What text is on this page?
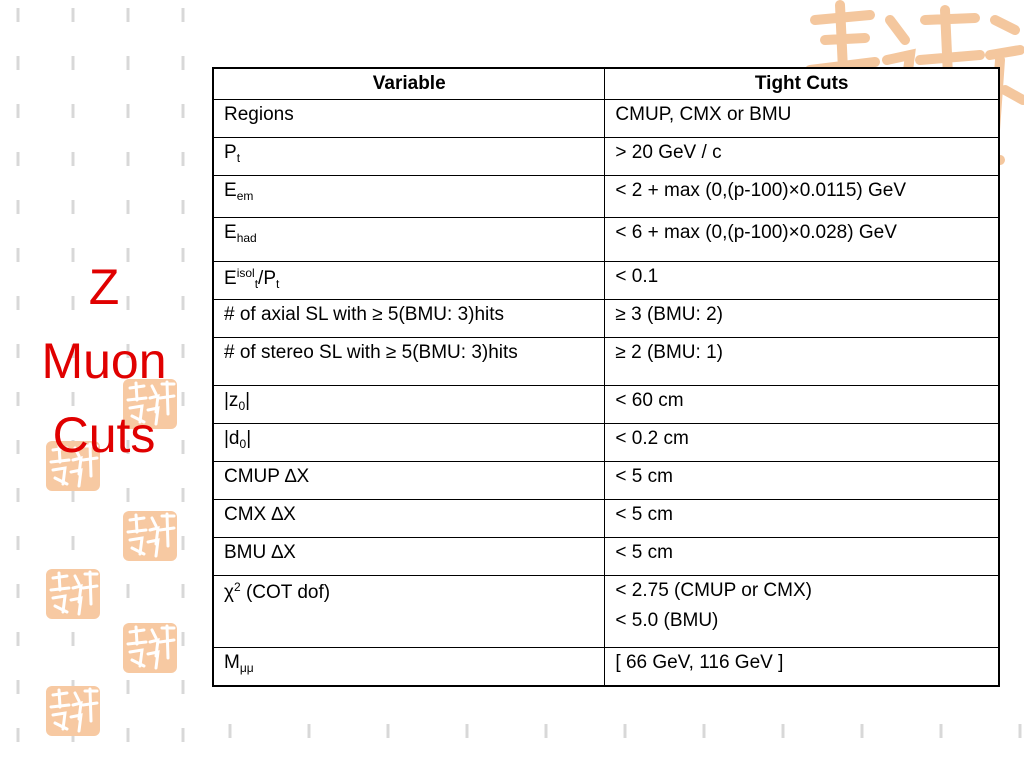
Z
Muon
Cuts
Variable	Tight Cuts
Regions	CMUP, CMX or BMU

$P_t$	> 20 GeV / c

$E_{em}$	< 2 + max (0,(p-100)×0.0115) GeV

$E_{had}$	< 6 + max (0,(p-100)×0.028) GeV

$E^{isol}_t/P_t$	< 0.1

# of axial SL with ≥ 5(BMU: 3)hits	≥ 3 (BMU: 2)

# of stereo SL with ≥ 5(BMU: 3)hits	≥ 2 (BMU: 1)

$|z_0|$	< 60 cm

$|d_0|$	< 0.2 cm

CMUP ∆X	< 5 cm

CMX ∆X	< 5 cm

BMU ∆X	< 5 cm

$\chi^2$ (COT dof)	< 2.75 (CMUP or CMX)
< 5.0 (BMU)

$M_{\mu\mu}$	[ 66 GeV, 116 GeV ]
